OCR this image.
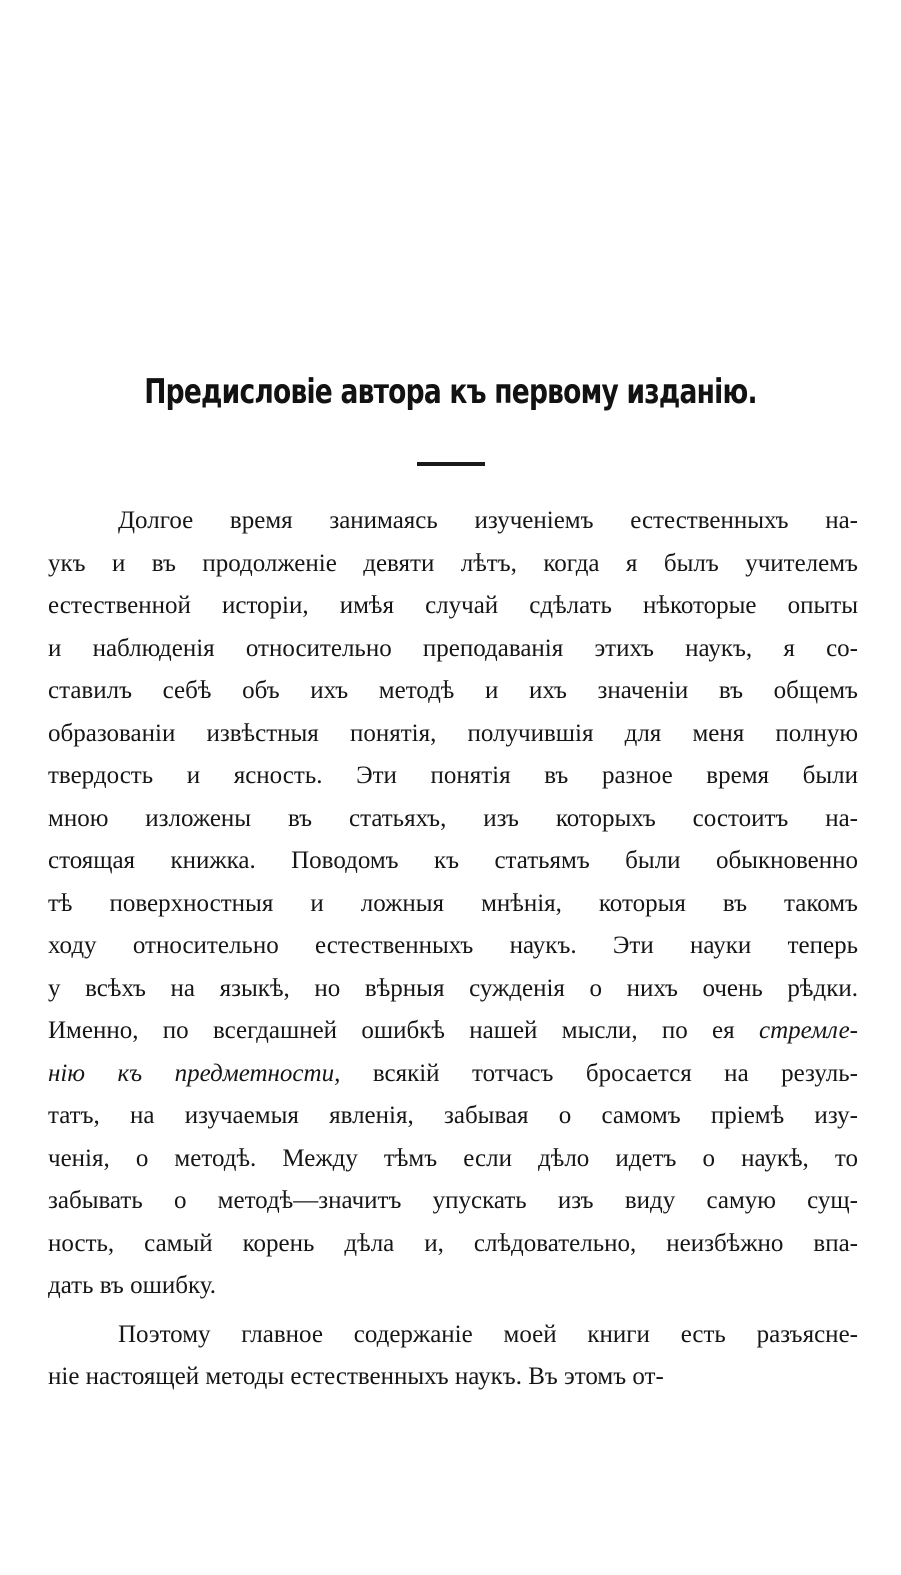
Предисловіе автора къ первому изданію.
Долгое время занимаясь изученіемъ естественныхъ на-
укъ и въ продолженіе девяти лѣтъ, когда я былъ учителемъ
естественной исторіи, имѣя случай сдѣлать нѣкоторые опыты
и наблюденія относительно преподаванія этихъ наукъ, я со-
ставилъ себѣ объ ихъ методѣ и ихъ значеніи въ общемъ
образованіи извѣстныя понятія, получившія для меня полную
твердость и ясность. Эти понятія въ разное время были
мною изложены въ статьяхъ, изъ которыхъ состоитъ на-
стоящая книжка. Поводомъ къ статьямъ были обыкновенно
тѣ поверхностныя и ложныя мнѣнія, которыя въ такомъ
ходу относительно естественныхъ наукъ. Эти науки теперь
у всѣхъ на языкѣ, но вѣрныя сужденія о нихъ очень рѣдки.
Именно, по всегдашней ошибкѣ нашей мысли, по ея стремле-
нію къ предметности, всякій тотчасъ бросается на резуль-
татъ, на изучаемыя явленія, забывая о самомъ пріемѣ изу-
ченія, о методѣ. Между тѣмъ если дѣло идетъ о наукѣ, то
забывать о методѣ—значитъ упускать изъ виду самую сущ-
ность, самый корень дѣла и, слѣдовательно, неизбѣжно впа-
дать въ ошибку.
Поэтому главное содержаніе моей книги есть разъясне-
ніе настоящей методы естественныхъ наукъ. Въ этомъ от-
